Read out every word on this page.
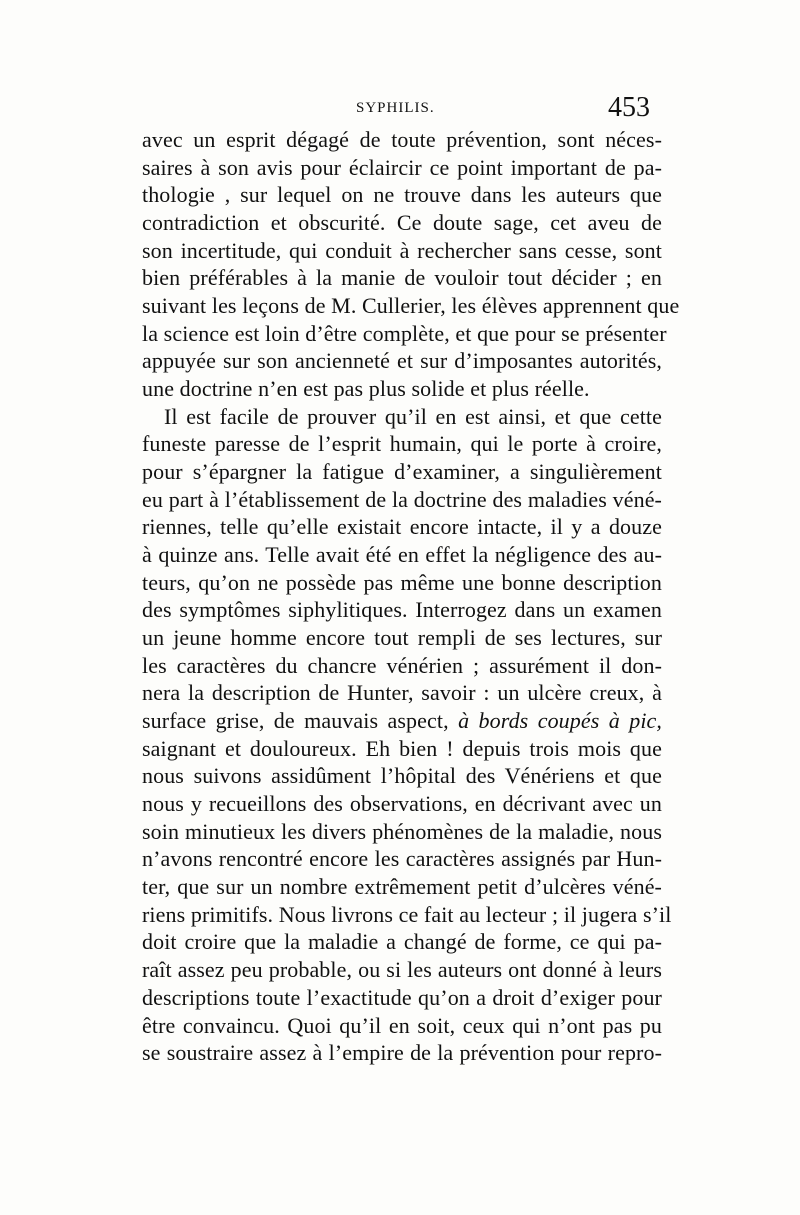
SYPHILIS.	453
avec un esprit dégagé de toute prévention, sont néces-
saires à son avis pour éclaircir ce point important de pa-
thologie , sur lequel on ne trouve dans les auteurs que
contradiction et obscurité. Ce doute sage, cet aveu de
son incertitude, qui conduit à rechercher sans cesse, sont
bien préférables à la manie de vouloir tout décider ; en
suivant les leçons de M. Cullerier, les élèves apprennent que
la science est loin d’être complète, et que pour se présenter
appuyée sur son ancienneté et sur d’imposantes autorités,
une doctrine n’en est pas plus solide et plus réelle.
Il est facile de prouver qu’il en est ainsi, et que cette
funeste paresse de l’esprit humain, qui le porte à croire,
pour s’épargner la fatigue d’examiner, a singulièrement
eu part à l’établissement de la doctrine des maladies véné-
riennes, telle qu’elle existait encore intacte, il y a douze
à quinze ans. Telle avait été en effet la négligence des au-
teurs, qu’on ne possède pas même une bonne description
des symptômes siphylitiques. Interrogez dans un examen
un jeune homme encore tout rempli de ses lectures, sur
les caractères du chancre vénérien ; assurément il don-
nera la description de Hunter, savoir : un ulcère creux, à
surface grise, de mauvais aspect, à bords coupés à pic,
saignant et douloureux. Eh bien ! depuis trois mois que
nous suivons assidûment l’hôpital des Vénériens et que
nous y recueillons des observations, en décrivant avec un
soin minutieux les divers phénomènes de la maladie, nous
n’avons rencontré encore les caractères assignés par Hun-
ter, que sur un nombre extrêmement petit d’ulcères véné-
riens primitifs. Nous livrons ce fait au lecteur ; il jugera s’il
doit croire que la maladie a changé de forme, ce qui pa-
raît assez peu probable, ou si les auteurs ont donné à leurs
descriptions toute l’exactitude qu’on a droit d’exiger pour
être convaincu. Quoi qu’il en soit, ceux qui n’ont pas pu
se soustraire assez à l’empire de la prévention pour repro-
